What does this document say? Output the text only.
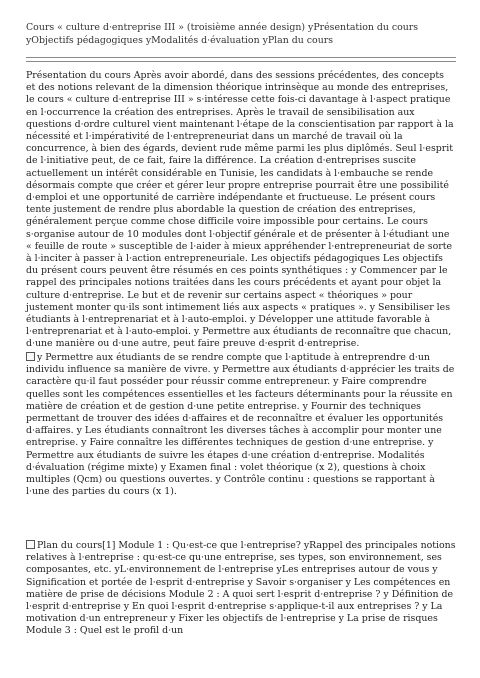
Cours « culture d·entreprise III » (troisième année design) yPrésentation du cours yObjectifs pédagogiques yModalités d·évaluation yPlan du cours
Présentation du cours Après avoir abordé, dans des sessions précédentes, des concepts et des notions relevant de la dimension théorique intrinsèque au monde des entreprises, le cours « culture d·entreprise III » s·intéresse cette fois-ci davantage à l·aspect pratique en l·occurrence la création des entreprises. Après le travail de sensibilisation aux questions d·ordre culturel vient maintenant l·étape de la conscientisation par rapport à la nécessité et l·impérativité de l·entrepreneuriat dans un marché de travail où la concurrence, à bien des égards, devient rude même parmi les plus diplômés. Seul l·esprit de l·initiative peut, de ce fait, faire la différence. La création d·entreprises suscite actuellement un intérêt considérable en Tunisie, les candidats à l·embauche se rende désormais compte que créer et gérer leur propre entreprise pourrait être une possibilité d·emploi et une opportunité de carrière indépendante et fructueuse. Le présent cours tente justement de rendre plus abordable la question de création des entreprises, généralement perçue comme chose difficile voire impossible pour certains. Le cours s·organise autour de 10 modules dont l·objectif générale et de présenter à l·étudiant une « feuille de route » susceptible de l·aider à mieux appréhender l·entrepreneuriat de sorte à l·inciter à passer à l·action entrepreneuriale. Les objectifs pédagogiques Les objectifs du présent cours peuvent être résumés en ces points synthétiques : y Commencer par le rappel des principales notions traitées dans les cours précédents et ayant pour objet la culture d·entreprise. Le but et de revenir sur certains aspect « théoriques » pour justement monter qu·ils sont intimement liés aux aspects « pratiques ». y Sensibiliser les étudiants à l·entreprenariat et à l·auto-emploi. y Développer une attitude favorable à l·entreprenariat et à l·auto-emploi. y Permettre aux étudiants de reconnaître que chacun, d·une manière ou d·une autre, peut faire preuve d·esprit d·entreprise.
y Permettre aux étudiants de se rendre compte que l·aptitude à entreprendre d·un individu influence sa manière de vivre. y Permettre aux étudiants d·apprécier les traits de caractère qu·il faut posséder pour réussir comme entrepreneur. y Faire comprendre quelles sont les compétences essentielles et les facteurs déterminants pour la réussite en matière de création et de gestion d·une petite entreprise. y Fournir des techniques permettant de trouver des idées d·affaires et de reconnaître et évaluer les opportunités d·affaires. y Les étudiants connaîtront les diverses tâches à accomplir pour monter une entreprise. y Faire connaître les différentes techniques de gestion d·une entreprise. y Permettre aux étudiants de suivre les étapes d·une création d·entreprise. Modalités d·évaluation (régime mixte) y Examen final : volet théorique (x 2), questions à choix multiples (Qcm) ou questions ouvertes. y Contrôle continu : questions se rapportant à l·une des parties du cours (x 1).
Plan du cours[1] Module 1 : Qu·est-ce que l·entreprise? yRappel des principales notions relatives à l·entreprise : qu·est-ce qu·une entreprise, ses types, son environnement, ses composantes, etc. yL·environnement de l·entreprise yLes entreprises autour de vous y Signification et portée de l·esprit d·entreprise y Savoir s·organiser y Les compétences en matière de prise de décisions Module 2 : A quoi sert l·esprit d·entreprise ? y Définition de l·esprit d·entreprise y En quoi l·esprit d·entreprise s·applique-t-il aux entreprises ? y La motivation d·un entrepreneur y Fixer les objectifs de l·entreprise y La prise de risques Module 3 : Quel est le profil d·un
